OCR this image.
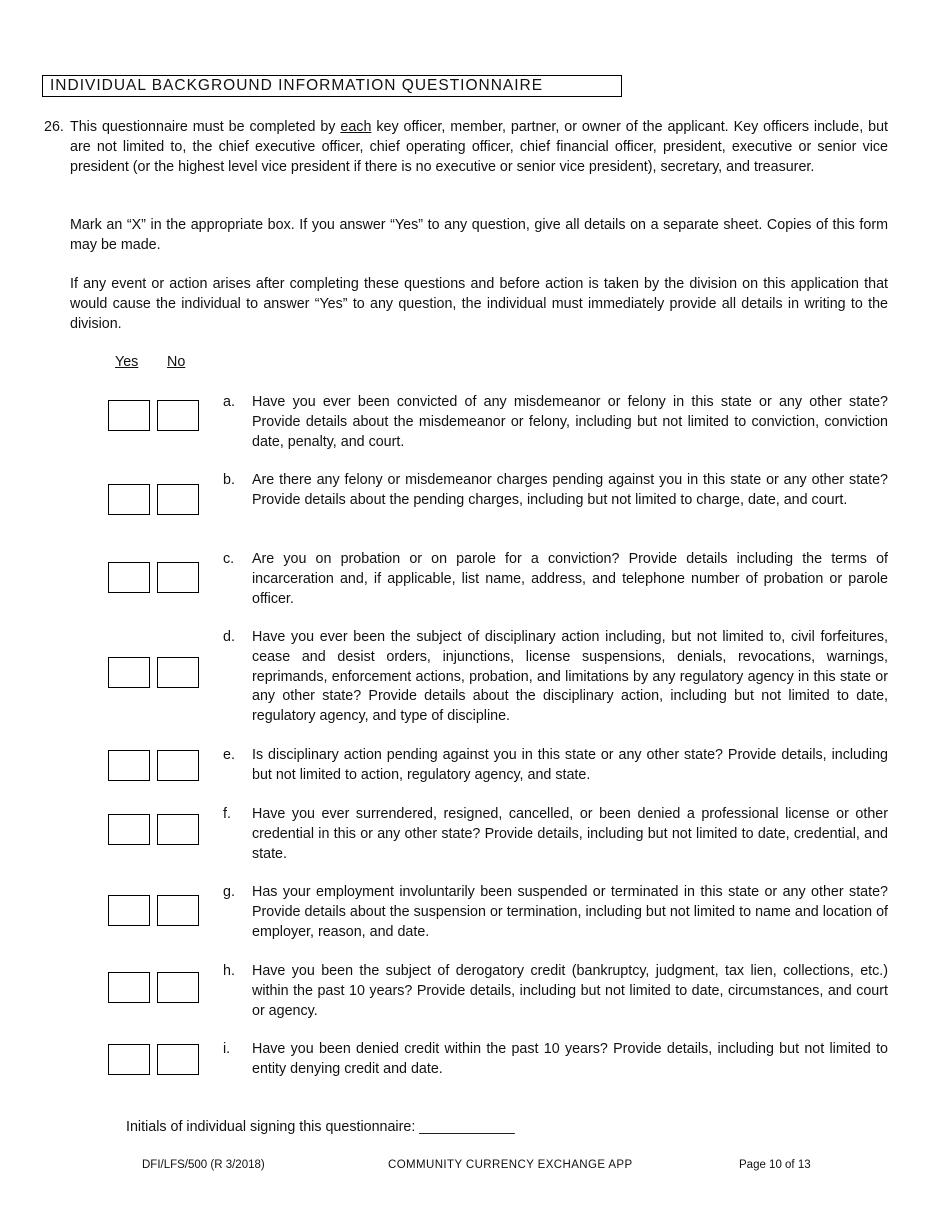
INDIVIDUAL BACKGROUND INFORMATION QUESTIONNAIRE
26. This questionnaire must be completed by each key officer, member, partner, or owner of the applicant. Key officers include, but are not limited to, the chief executive officer, chief operating officer, chief financial officer, president, executive or senior vice president (or the highest level vice president if there is no executive or senior vice president), secretary, and treasurer.

Mark an “X” in the appropriate box. If you answer “Yes” to any question, give all details on a separate sheet. Copies of this form may be made.

If any event or action arises after completing these questions and before action is taken by the division on this application that would cause the individual to answer “Yes” to any question, the individual must immediately provide all details in writing to the division.

Yes No
a. Have you ever been convicted of any misdemeanor or felony in this state or any other state? Provide details about the misdemeanor or felony, including but not limited to conviction, conviction date, penalty, and court.

b. Are there any felony or misdemeanor charges pending against you in this state or any other state? Provide details about the pending charges, including but not limited to charge, date, and court.

c. Are you on probation or on parole for a conviction? Provide details including the terms of incarceration and, if applicable, list name, address, and telephone number of probation or parole officer.

d. Have you ever been the subject of disciplinary action including, but not limited to, civil forfeitures, cease and desist orders, injunctions, license suspensions, denials, revocations, warnings, reprimands, enforcement actions, probation, and limitations by any regulatory agency in this state or any other state? Provide details about the disciplinary action, including but not limited to date, regulatory agency, and type of discipline.

e. Is disciplinary action pending against you in this state or any other state? Provide details, including but not limited to action, regulatory agency, and state.

f. Have you ever surrendered, resigned, cancelled, or been denied a professional license or other credential in this or any other state? Provide details, including but not limited to date, credential, and state.

g. Has your employment involuntarily been suspended or terminated in this state or any other state? Provide details about the suspension or termination, including but not limited to name and location of employer, reason, and date.

h. Have you been the subject of derogatory credit (bankruptcy, judgment, tax lien, collections, etc.) within the past 10 years? Provide details, including but not limited to date, circumstances, and court or agency.

i. Have you been denied credit within the past 10 years? Provide details, including but not limited to entity denying credit and date.

Initials of individual signing this questionnaire: ____________
DFI/LFS/500 (R 3/2018)	COMMUNITY CURRENCY EXCHANGE APP	Page 10 of 13
